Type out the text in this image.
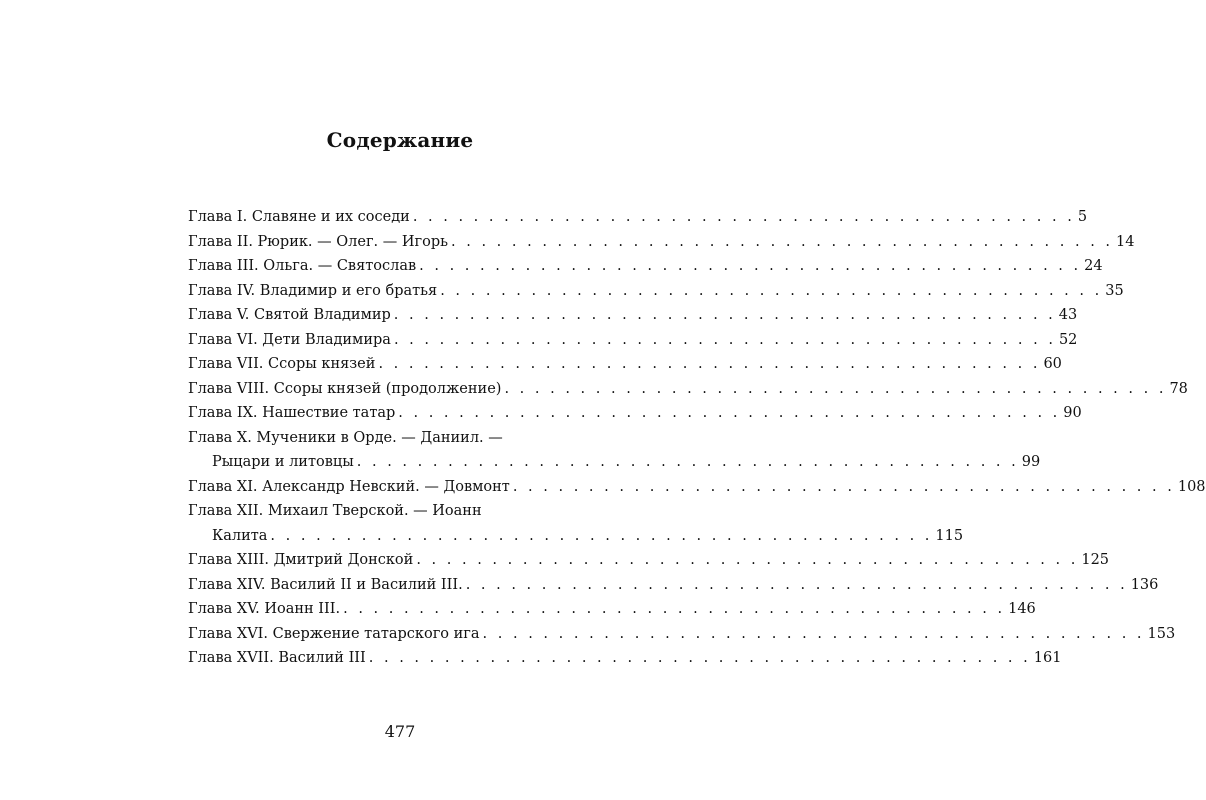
Содержание
Глава I. Славяне и их соседи . . . . . . . . . . . . . . . . . . . . . . . . . . . . . . . . . . . . . . . . . . . . 5
Глава II. Рюрик. — Олег. — Игорь . . . . . . . . . . . . . . . . . . . . . . . . . . . . . . . . . . . . . . . . . . . . 14
Глава III. Ольга. — Святослав . . . . . . . . . . . . . . . . . . . . . . . . . . . . . . . . . . . . . . . . . . . . 24
Глава IV. Владимир и его братья . . . . . . . . . . . . . . . . . . . . . . . . . . . . . . . . . . . . . . . . . . . . 35
Глава V. Святой Владимир . . . . . . . . . . . . . . . . . . . . . . . . . . . . . . . . . . . . . . . . . . . . 43
Глава VI. Дети Владимира . . . . . . . . . . . . . . . . . . . . . . . . . . . . . . . . . . . . . . . . . . . . 52
Глава VII. Ссоры князей . . . . . . . . . . . . . . . . . . . . . . . . . . . . . . . . . . . . . . . . . . . . 60
Глава VIII. Ссоры князей (продолжение) . . . . . . . . . . . . . . . . . . . . . . . . . . . . . . . . . . . . . . . . . . . . 78
Глава IX. Нашествие татар . . . . . . . . . . . . . . . . . . . . . . . . . . . . . . . . . . . . . . . . . . . . 90
Глава X. Мученики в Орде. — Даниил. —
Рыцари и литовцы . . . . . . . . . . . . . . . . . . . . . . . . . . . . . . . . . . . . . . . . . . . . 99
Глава XI. Александр Невский. — Довмонт . . . . . . . . . . . . . . . . . . . . . . . . . . . . . . . . . . . . . . . . . . . . 108
Глава XII. Михаил Тверской. — Иоанн
Калита . . . . . . . . . . . . . . . . . . . . . . . . . . . . . . . . . . . . . . . . . . . . 115
Глава XIII. Дмитрий Донской . . . . . . . . . . . . . . . . . . . . . . . . . . . . . . . . . . . . . . . . . . . . 125
Глава XIV. Василий II и Василий III. . . . . . . . . . . . . . . . . . . . . . . . . . . . . . . . . . . . . . . . . . . . . 136
Глава XV. Иоанн III. . . . . . . . . . . . . . . . . . . . . . . . . . . . . . . . . . . . . . . . . . . . . 146
Глава XVI. Свержение татарского ига . . . . . . . . . . . . . . . . . . . . . . . . . . . . . . . . . . . . . . . . . . . . 153
Глава XVII. Василий III . . . . . . . . . . . . . . . . . . . . . . . . . . . . . . . . . . . . . . . . . . . . 161
477
